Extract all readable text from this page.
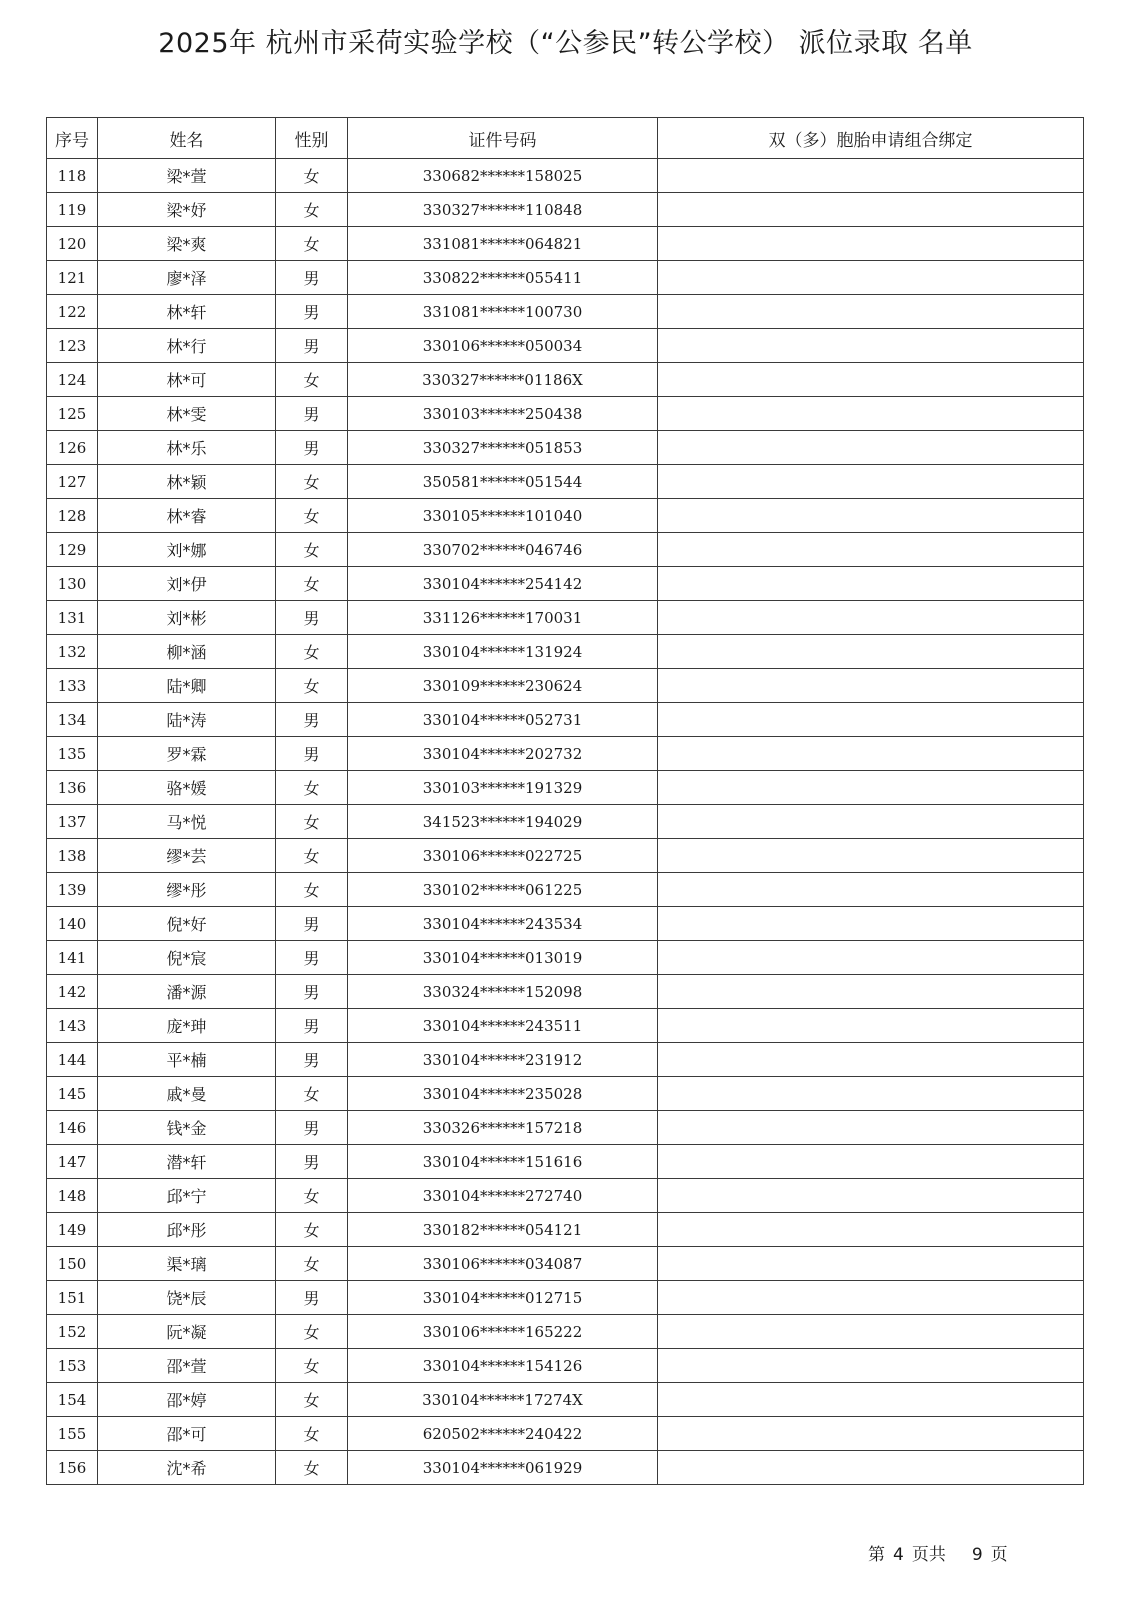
2025年 杭州市采荷实验学校（“公参民”转公学校） 派位录取 名单
序号	姓名	性别	证件号码	双（多）胞胎申请组合绑定
118	梁*萱	女	330682******158025	
119	梁*妤	女	330327******110848	
120	梁*爽	女	331081******064821	
121	廖*泽	男	330822******055411	
122	林*轩	男	331081******100730	
123	林*行	男	330106******050034	
124	林*可	女	330327******01186X	
125	林*雯	男	330103******250438	
126	林*乐	男	330327******051853	
127	林*颖	女	350581******051544	
128	林*睿	女	330105******101040	
129	刘*娜	女	330702******046746	
130	刘*伊	女	330104******254142	
131	刘*彬	男	331126******170031	
132	柳*涵	女	330104******131924	
133	陆*卿	女	330109******230624	
134	陆*涛	男	330104******052731	
135	罗*霖	男	330104******202732	
136	骆*媛	女	330103******191329	
137	马*悦	女	341523******194029	
138	缪*芸	女	330106******022725	
139	缪*彤	女	330102******061225	
140	倪*好	男	330104******243534	
141	倪*宸	男	330104******013019	
142	潘*源	男	330324******152098	
143	庞*珅	男	330104******243511	
144	平*楠	男	330104******231912	
145	戚*曼	女	330104******235028	
146	钱*金	男	330326******157218	
147	潜*轩	男	330104******151616	
148	邱*宁	女	330104******272740	
149	邱*彤	女	330182******054121	
150	渠*璃	女	330106******034087	
151	饶*辰	男	330104******012715	
152	阮*凝	女	330106******165222	
153	邵*萱	女	330104******154126	
154	邵*婷	女	330104******17274X	
155	邵*可	女	620502******240422	
156	沈*希	女	330104******061929	
第 4 页共 9 页
